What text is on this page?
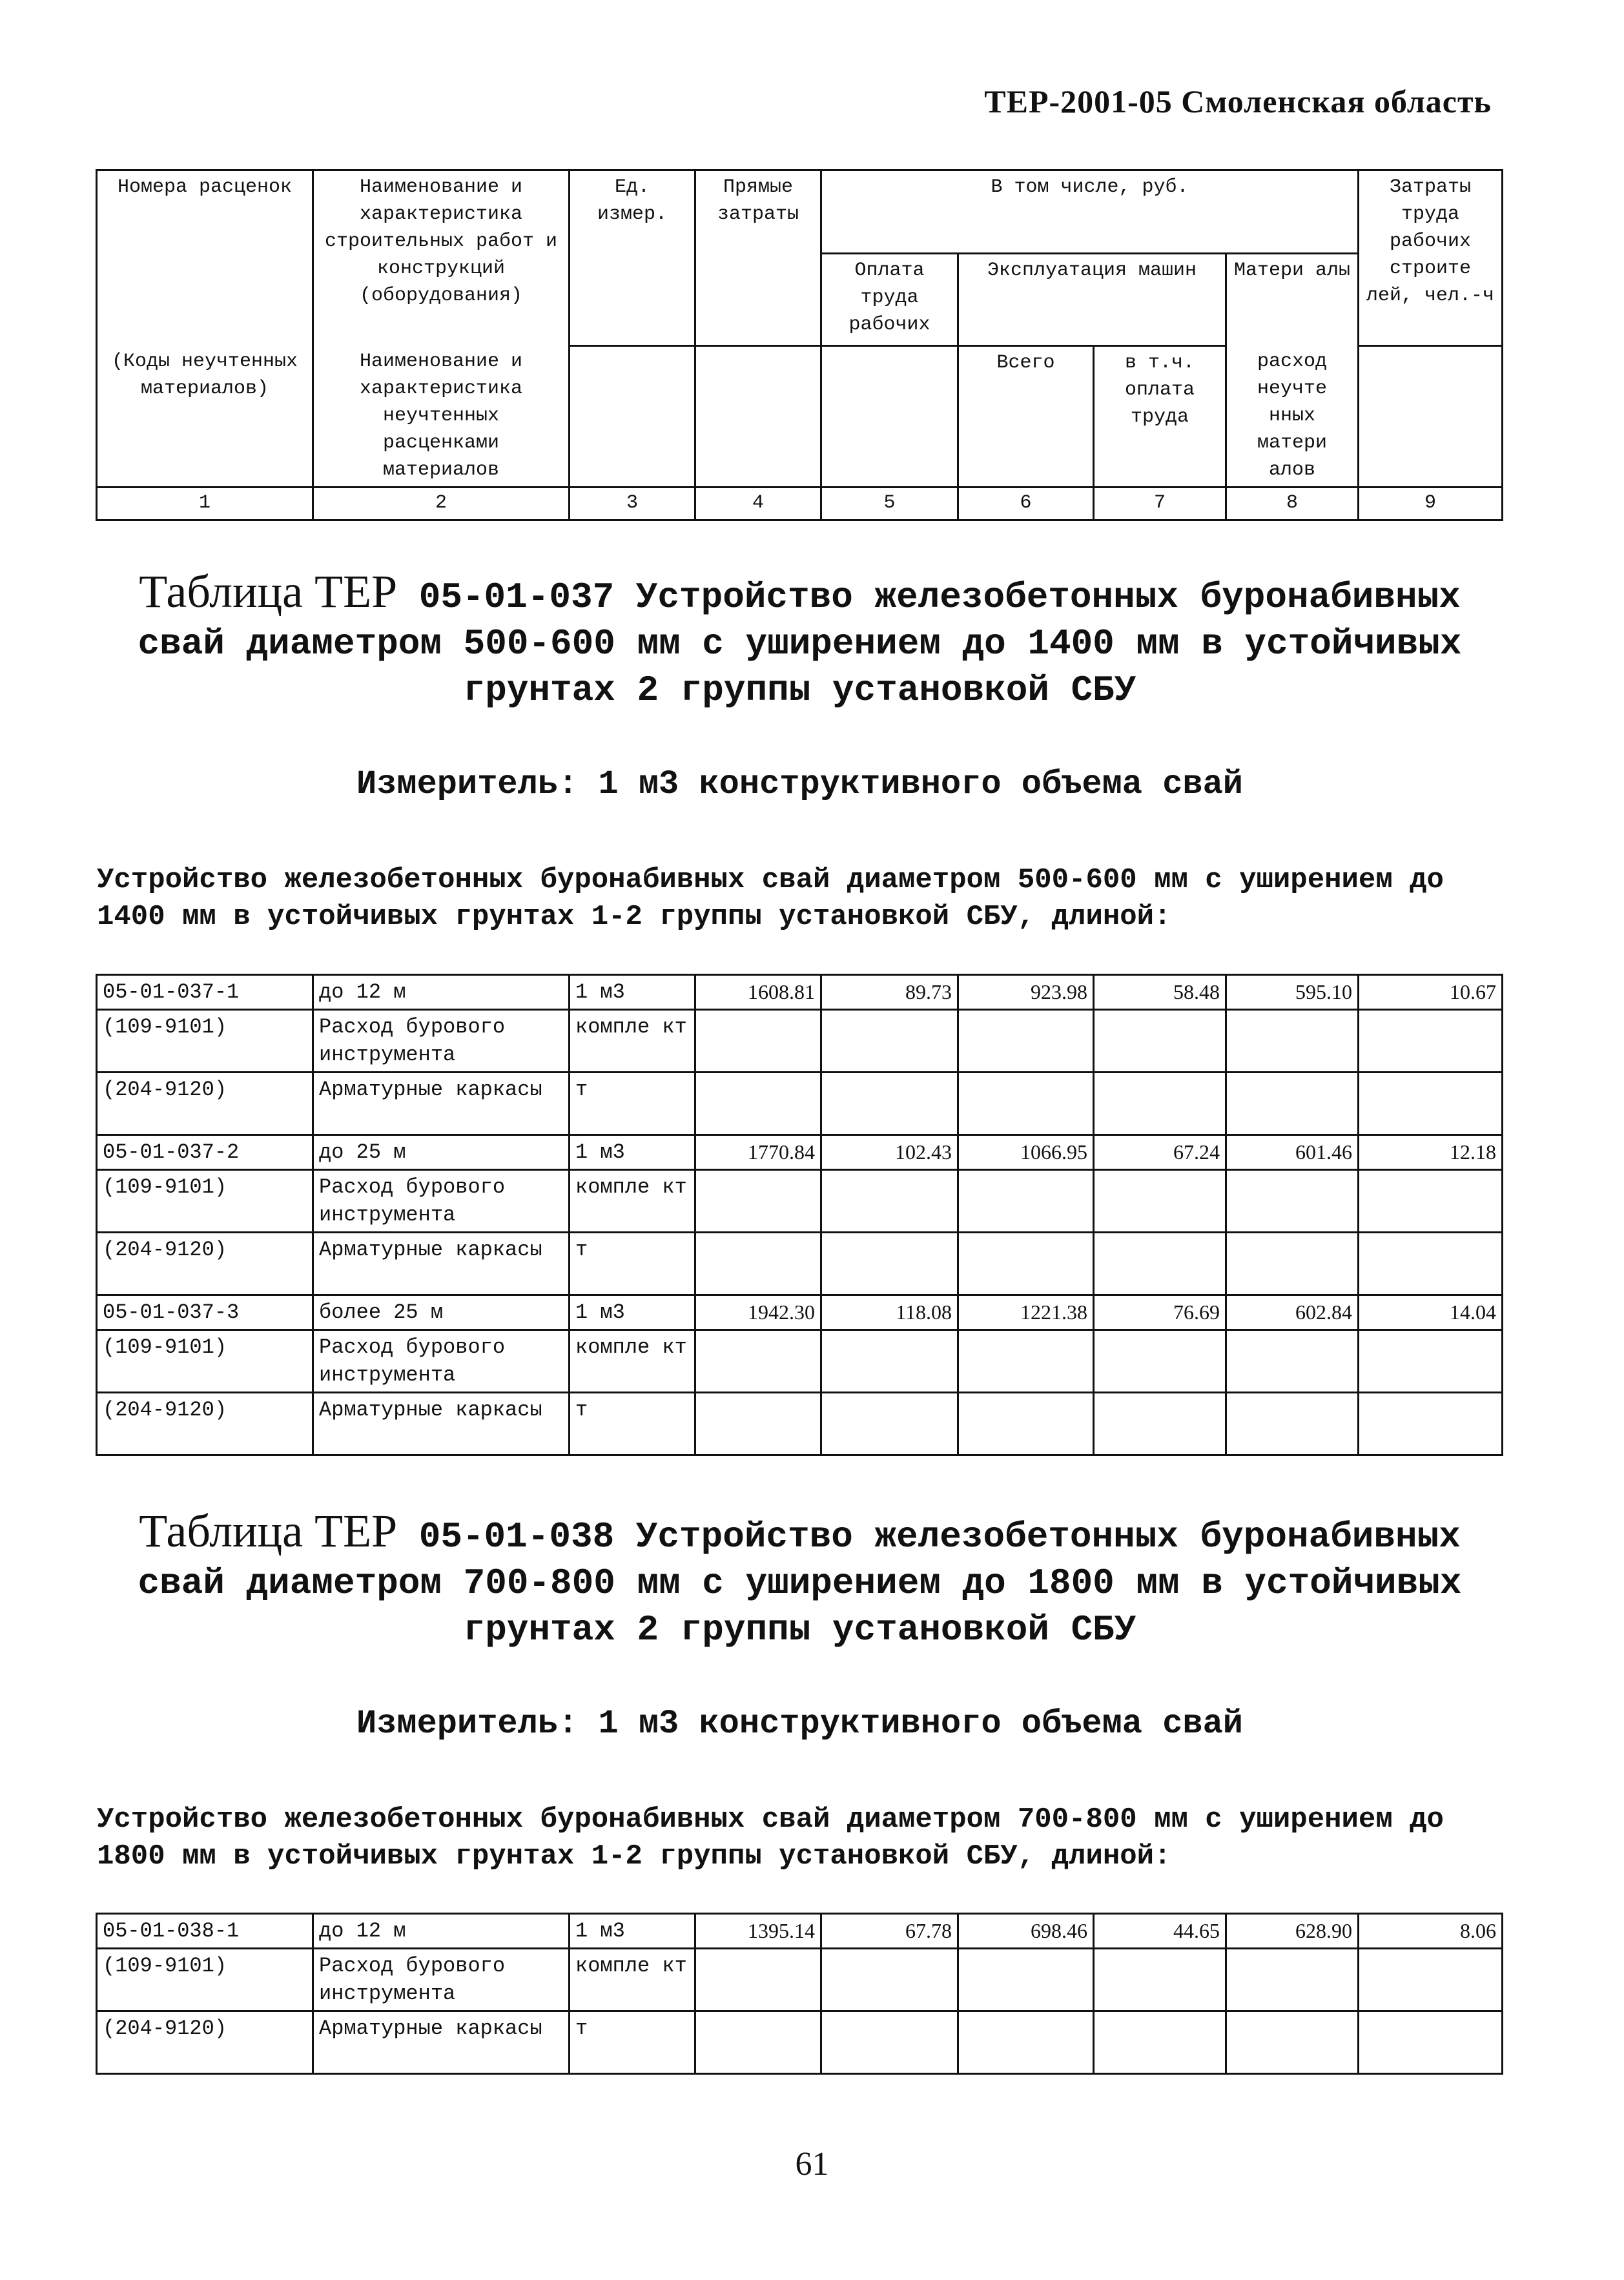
ТЕР-2001-05 Смоленская область
Номера расценок	Наименование и характеристика строительных работ и конструкций (оборудования)	Ед. измер.	Прямые затраты	В том числе, руб.				Затраты труда рабочих строите лей, чел.-ч	
				Оплата труда рабочих	Эксплуатация машин		Матери алы		
(Коды неучтенных материалов)	Наименование и характеристика неучтенных расценками материалов				Всего	в т.ч. оплата труда	расход неучте нных матери алов		

1	2	3	4	5	6	7	8	9	
Таблица ТЕР 05-01-037 Устройство железобетонных буронабивных свай диаметром 500-600 мм с уширением до 1400 мм в устойчивых грунтах 2 группы установкой СБУ
Измеритель: 1 м3 конструктивного объема свай
Устройство железобетонных буронабивных свай диаметром 500-600 мм с уширением до 1400 мм в устойчивых грунтах 1-2 группы установкой СБУ, длиной:
05-01-037-1	до 12 м	1 м3	1608.81	89.73	923.98	58.48	595.10	10.67
(109-9101)	Расход бурового инструмента	компле кт						
(204-9120)	Арматурные каркасы	т						
05-01-037-2	до 25 м	1 м3	1770.84	102.43	1066.95	67.24	601.46	12.18
(109-9101)	Расход бурового инструмента	компле кт						
(204-9120)	Арматурные каркасы	т						
05-01-037-3	более 25 м	1 м3	1942.30	118.08	1221.38	76.69	602.84	14.04
(109-9101)	Расход бурового инструмента	компле кт						
(204-9120)	Арматурные каркасы	т						
Таблица ТЕР 05-01-038 Устройство железобетонных буронабивных свай диаметром 700-800 мм с уширением до 1800 мм в устойчивых грунтах 2 группы установкой СБУ
Измеритель: 1 м3 конструктивного объема свай
Устройство железобетонных буронабивных свай диаметром 700-800 мм с уширением до 1800 мм в устойчивых грунтах 1-2 группы установкой СБУ, длиной:
05-01-038-1	до 12 м	1 м3	1395.14	67.78	698.46	44.65	628.90	8.06
(109-9101)	Расход бурового инструмента	компле кт						
(204-9120)	Арматурные каркасы	т						
61
